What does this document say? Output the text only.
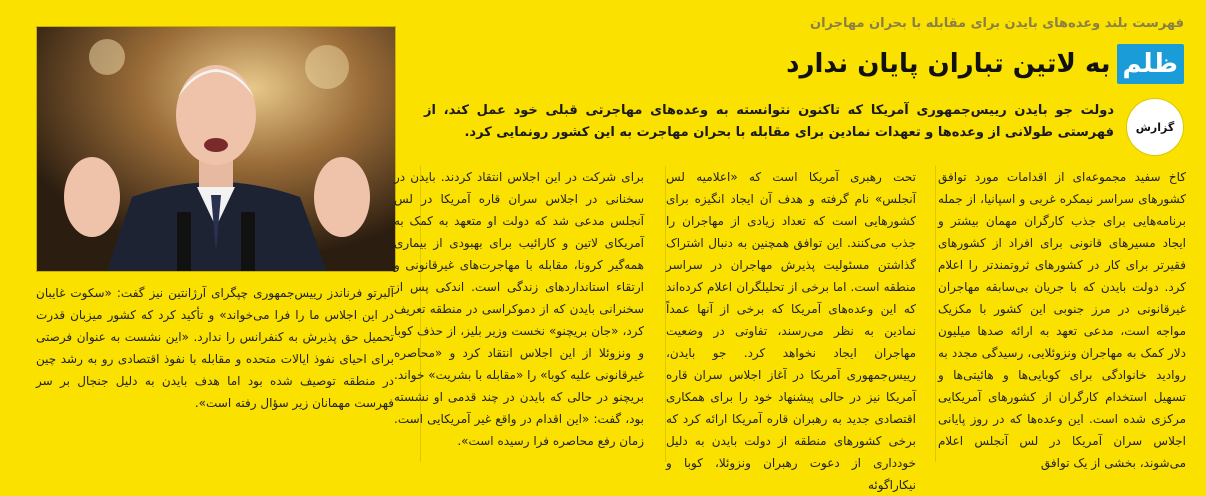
فهرست بلند وعده‌های بایدن برای مقابله با بحران مهاجران
ظلمبه لاتین تباران پایان ندارد
گزارش
دولت جو بایدن رییس‌جمهوری آمریکا که تاکنون نتوانسته به وعده‌های مهاجرتی قبلی خود عمل کند، از فهرستی طولانی از وعده‌ها و تعهدات نمادین برای مقابله با بحران مهاجرت به این کشور رونمایی کرد.

کاخ سفید مجموعه‌ای از اقدامات مورد توافق کشورهای سراسر نیمکره غربی و اسپانیا، از جمله برنامه‌هایی برای جذب کارگران مهمان بیشتر و ایجاد مسیرهای قانونی برای افراد از کشورهای فقیرتر برای کار در کشورهای ثروتمندتر را اعلام کرد. دولت بایدن که با جریان بی‌سابقه مهاجران غیرقانونی در مرز جنوبی این کشور با مکزیک مواجه است، مدعی تعهد به ارائه صدها میلیون دلار کمک به مهاجران ونزوئلایی، رسیدگی مجدد به روادید خانوادگی برای کوبایی‌ها و هائیتی‌ها و تسهیل استخدام کارگران از کشورهای آمریکایی مرکزی شده است. این وعده‌ها که در روز پایانی اجلاس سران آمریکا در لس آنجلس اعلام می‌شوند، بخشی از یک توافق

تحت رهبری آمریکا است که «اعلامیه لس آنجلس» نام گرفته و هدف آن ایجاد انگیزه برای کشورهایی است که تعداد زیادی از مهاجران را جذب می‌کنند. این توافق همچنین به دنبال اشتراک گذاشتن مسئولیت پذیرش مهاجران در سراسر منطقه است. اما برخی از تحلیلگران اعلام کرده‌اند که این وعده‌های آمریکا که برخی از آنها عمداً نمادین به نظر می‌رسند، تفاوتی در وضعیت مهاجران ایجاد نخواهد کرد. جو بایدن، رییس‌جمهوری آمریکا در آغاز اجلاس سران قاره آمریکا نیز در حالی پیشنهاد خود را برای همکاری اقتصادی جدید به رهبران قاره آمریکا ارائه کرد که برخی کشورهای منطقه از دولت بایدن به دلیل خودداری از دعوت رهبران ونزوئلا، کوبا و نیکاراگوئه

برای شرکت در این اجلاس انتقاد کردند. بایدن در سخنانی در اجلاس سران قاره آمریکا در لس آنجلس مدعی شد که دولت او متعهد به کمک به آمریکای لاتین و کارائیب برای بهبودی از بیماری همه‌گیر کرونا، مقابله با مهاجرت‌های غیرقانونی و ارتقاء استانداردهای زندگی است. اندکی پس از سخنرانی بایدن که از دموکراسی در منطقه تعریف کرد، «جان بریچنو» نخست وزیر بلیز، از حذف کوبا و ونزوئلا از این اجلاس انتقاد کرد و «محاصره غیرقانونی علیه کوبا» را «مقابله با بشریت» خواند. بریچنو در حالی که بایدن در چند قدمی او نشسته بود، گفت: «این اقدام در واقع غیر آمریکایی است. زمان رفع محاصره فرا رسیده است».

آلبرتو فرناندز رییس‌جمهوری چپگرای آرژانتین نیز گفت: «سکوت غایبان در این اجلاس ما را فرا می‌خواند» و تأکید کرد که کشور میزبان قدرت تحمیل حق پذیرش به کنفرانس را ندارد. «این نشست به عنوان فرصتی برای احیای نفوذ ایالات متحده و مقابله با نفوذ اقتصادی رو به رشد چین در منطقه توصیف شده بود اما هدف بایدن به دلیل جنجال بر سر فهرست مهمانان زیر سؤال رفته است».
